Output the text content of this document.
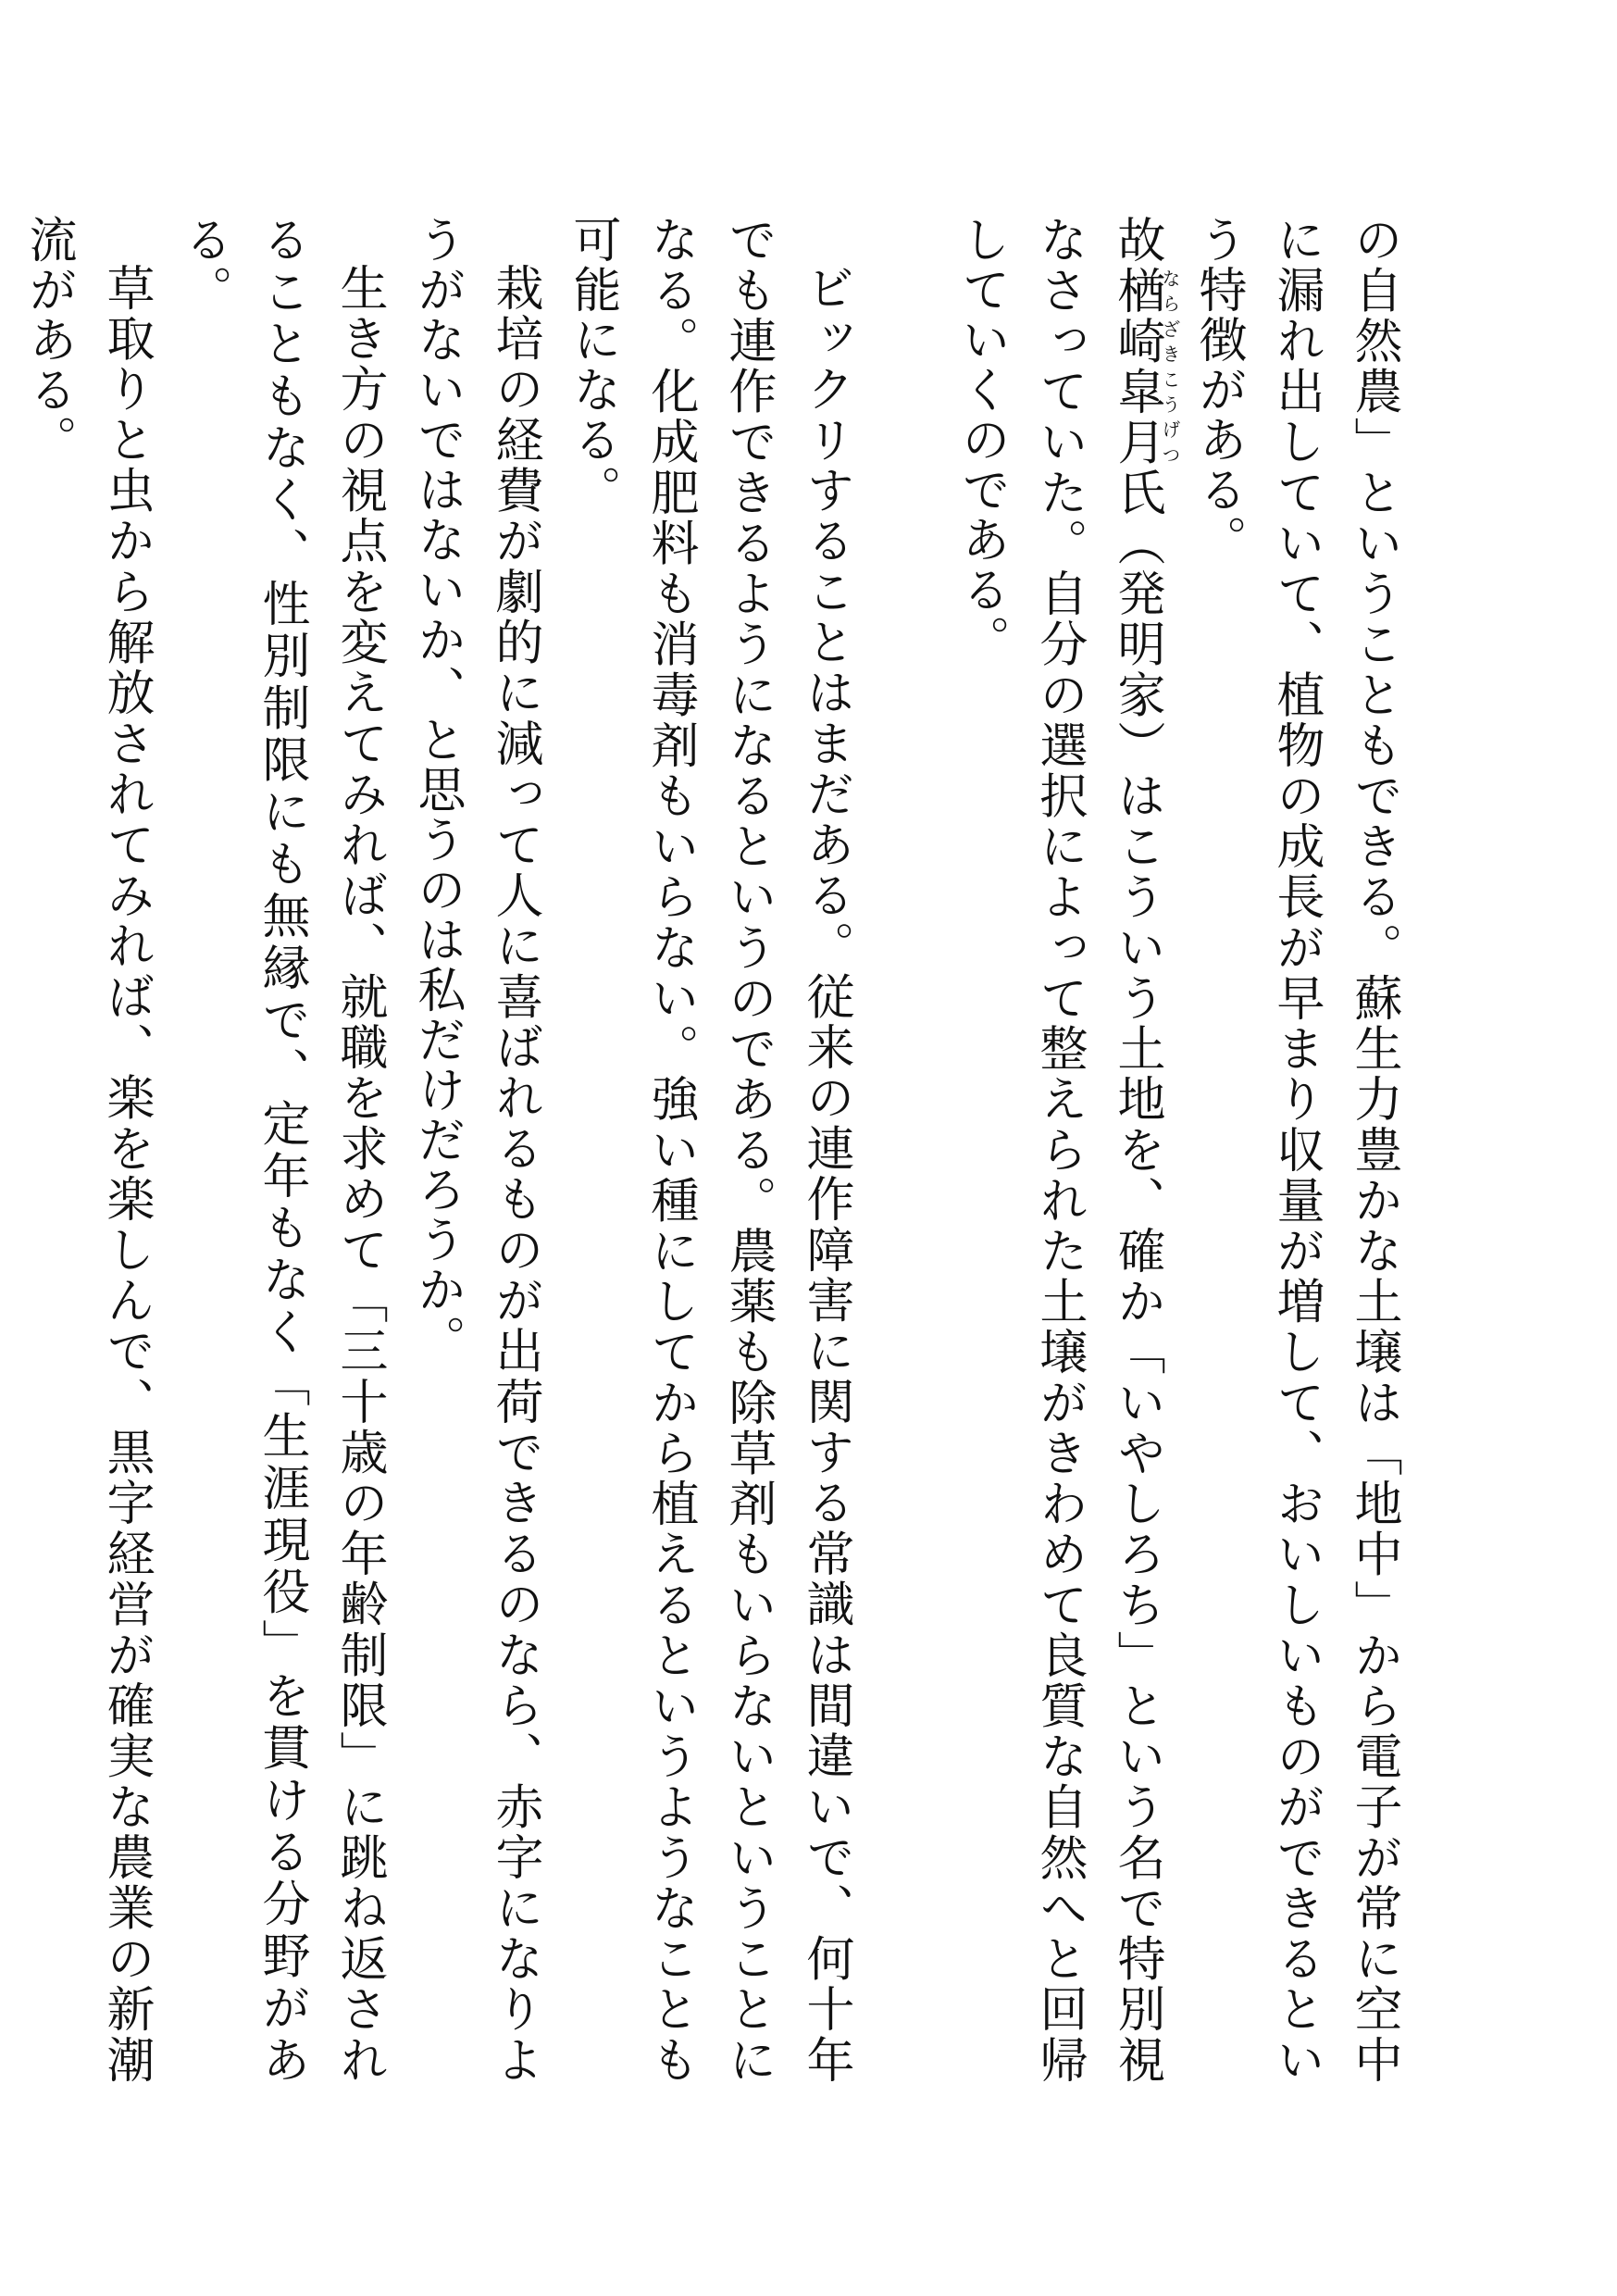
の自然農」ということもできる。蘇生力豊かな土壌は「地中」から電子が常に空中に漏れ出していて、植物の成長が早まり収量が増して、おいしいものができるという特徴がある。

故楢崎皐月ならざきこうげつ氏（発明家）はこういう土地を、確か「いやしろち」という名で特別視なさっていた。自分の選択によって整えられた土壌がきわめて良質な自然へと回帰していくのである。

ビックリすることはまだある。従来の連作障害に関する常識は間違いで、何十年でも連作できるようになるというのである。農薬も除草剤もいらないということになる。化成肥料も消毒剤もいらない。強い種にしてから植えるというようなことも可能になる。

栽培の経費が劇的に減って人に喜ばれるものが出荷できるのなら、赤字になりようがないではないか、と思うのは私だけだろうか。

生き方の視点を変えてみれば、就職を求めて「三十歳の年齢制限」に跳ね返されることもなく、性別制限にも無縁で、定年もなく「生涯現役」を貫ける分野がある。

草取りと虫から解放されてみれば、楽を楽しんで、黒字経営が確実な農業の新潮流がある。
